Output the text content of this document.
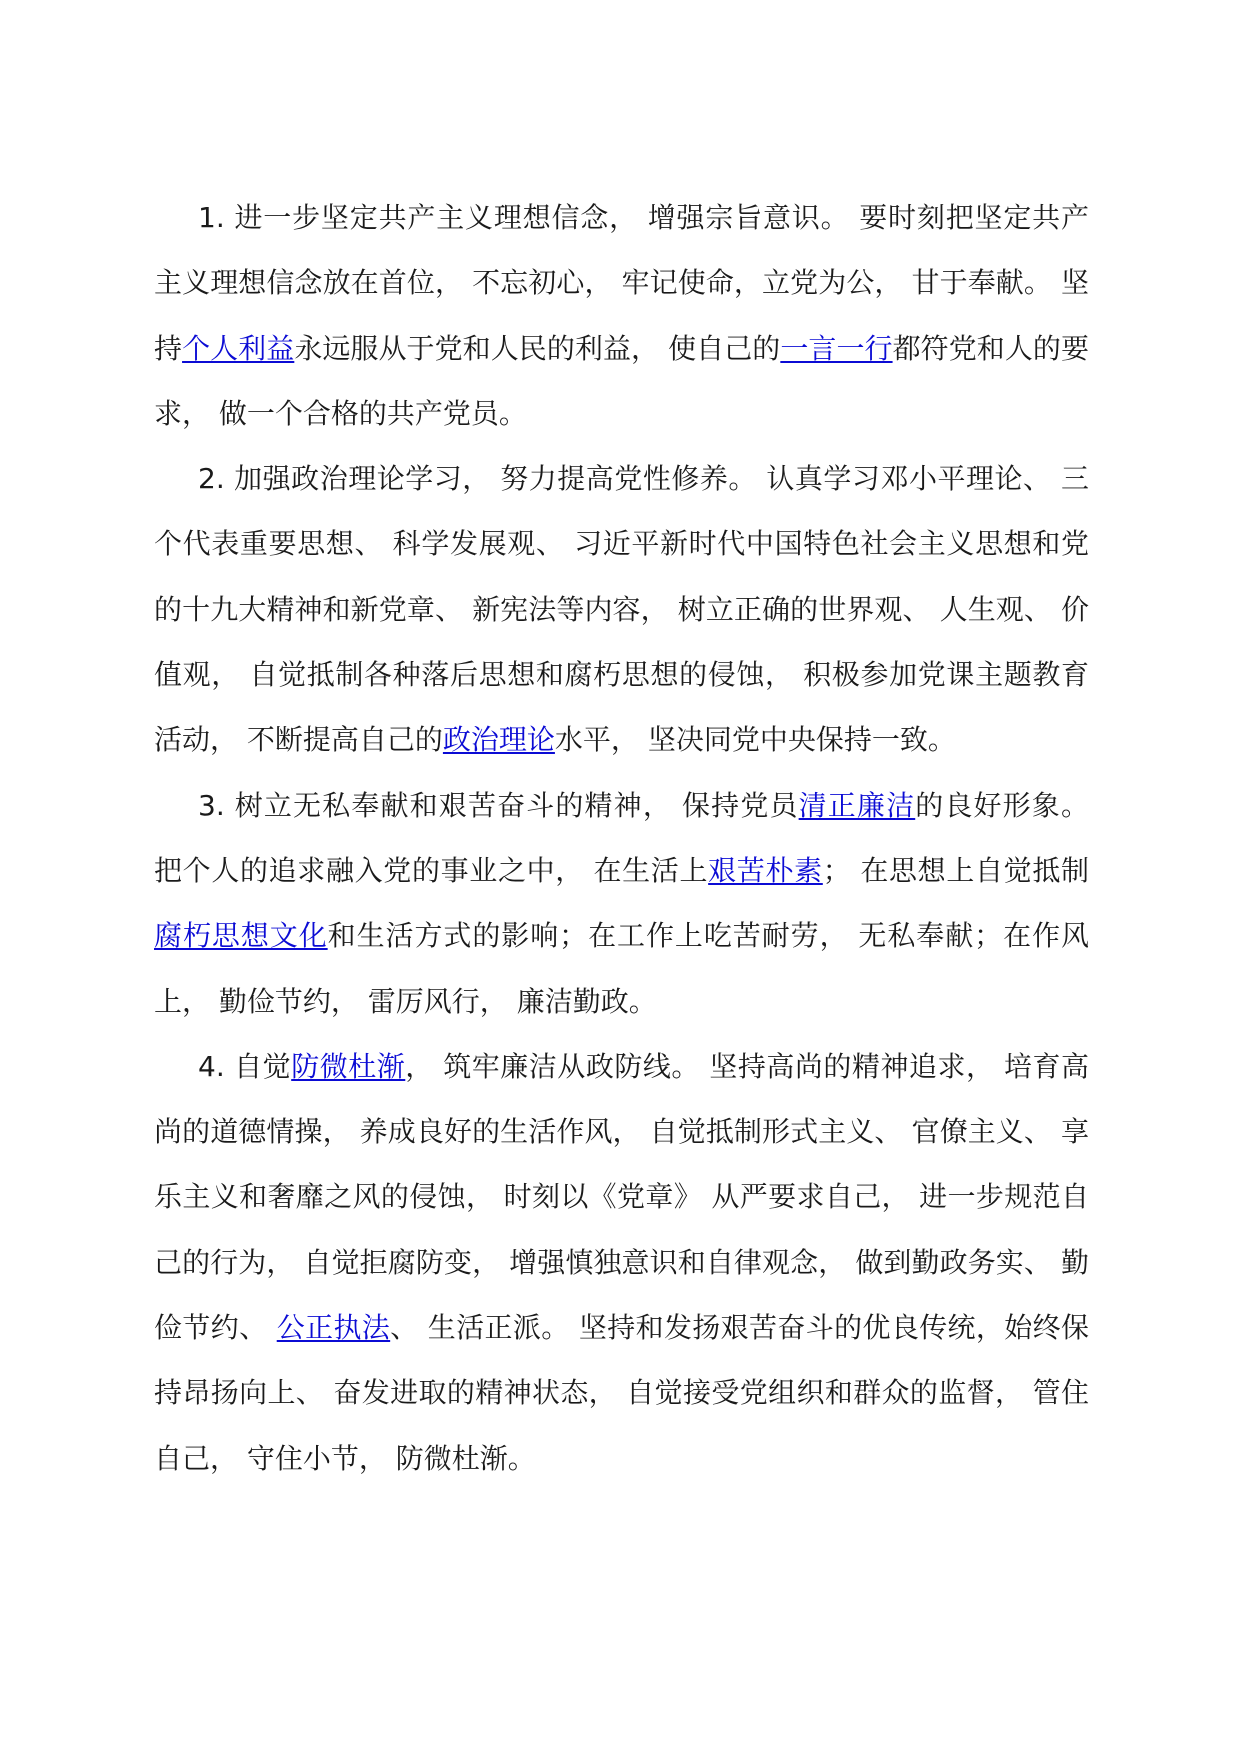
1. 进一步坚定共产主义理想信念， 增强宗旨意识。 要时刻把坚定共产主义理想信念放在首位， 不忘初心， 牢记使命，立党为公， 甘于奉献。 坚持个人利益永远服从于党和人民的利益， 使自己的一言一行都符党和人的要求， 做一个合格的共产党员。

2. 加强政治理论学习， 努力提高党性修养。 认真学习邓小平理论、 三个代表重要思想、 科学发展观、 习近平新时代中国特色社会主义思想和党的十九大精神和新党章、 新宪法等内容， 树立正确的世界观、 人生观、 价值观， 自觉抵制各种落后思想和腐朽思想的侵蚀， 积极参加党课主题教育活动， 不断提高自己的政治理论水平， 坚决同党中央保持一致。

3. 树立无私奉献和艰苦奋斗的精神， 保持党员清正廉洁的良好形象。 把个人的追求融入党的事业之中， 在生活上艰苦朴素； 在思想上自觉抵制腐朽思想文化和生活方式的影响；在工作上吃苦耐劳， 无私奉献；在作风上， 勤俭节约， 雷厉风行， 廉洁勤政。

4. 自觉防微杜渐， 筑牢廉洁从政防线。 坚持高尚的精神追求， 培育高尚的道德情操， 养成良好的生活作风， 自觉抵制形式主义、 官僚主义、 享乐主义和奢靡之风的侵蚀， 时刻以《党章》 从严要求自己， 进一步规范自己的行为， 自觉拒腐防变， 增强慎独意识和自律观念， 做到勤政务实、 勤俭节约、 公正执法、 生活正派。 坚持和发扬艰苦奋斗的优良传统，始终保持昂扬向上、 奋发进取的精神状态， 自觉接受党组织和群众的监督， 管住自己， 守住小节， 防微杜渐。
